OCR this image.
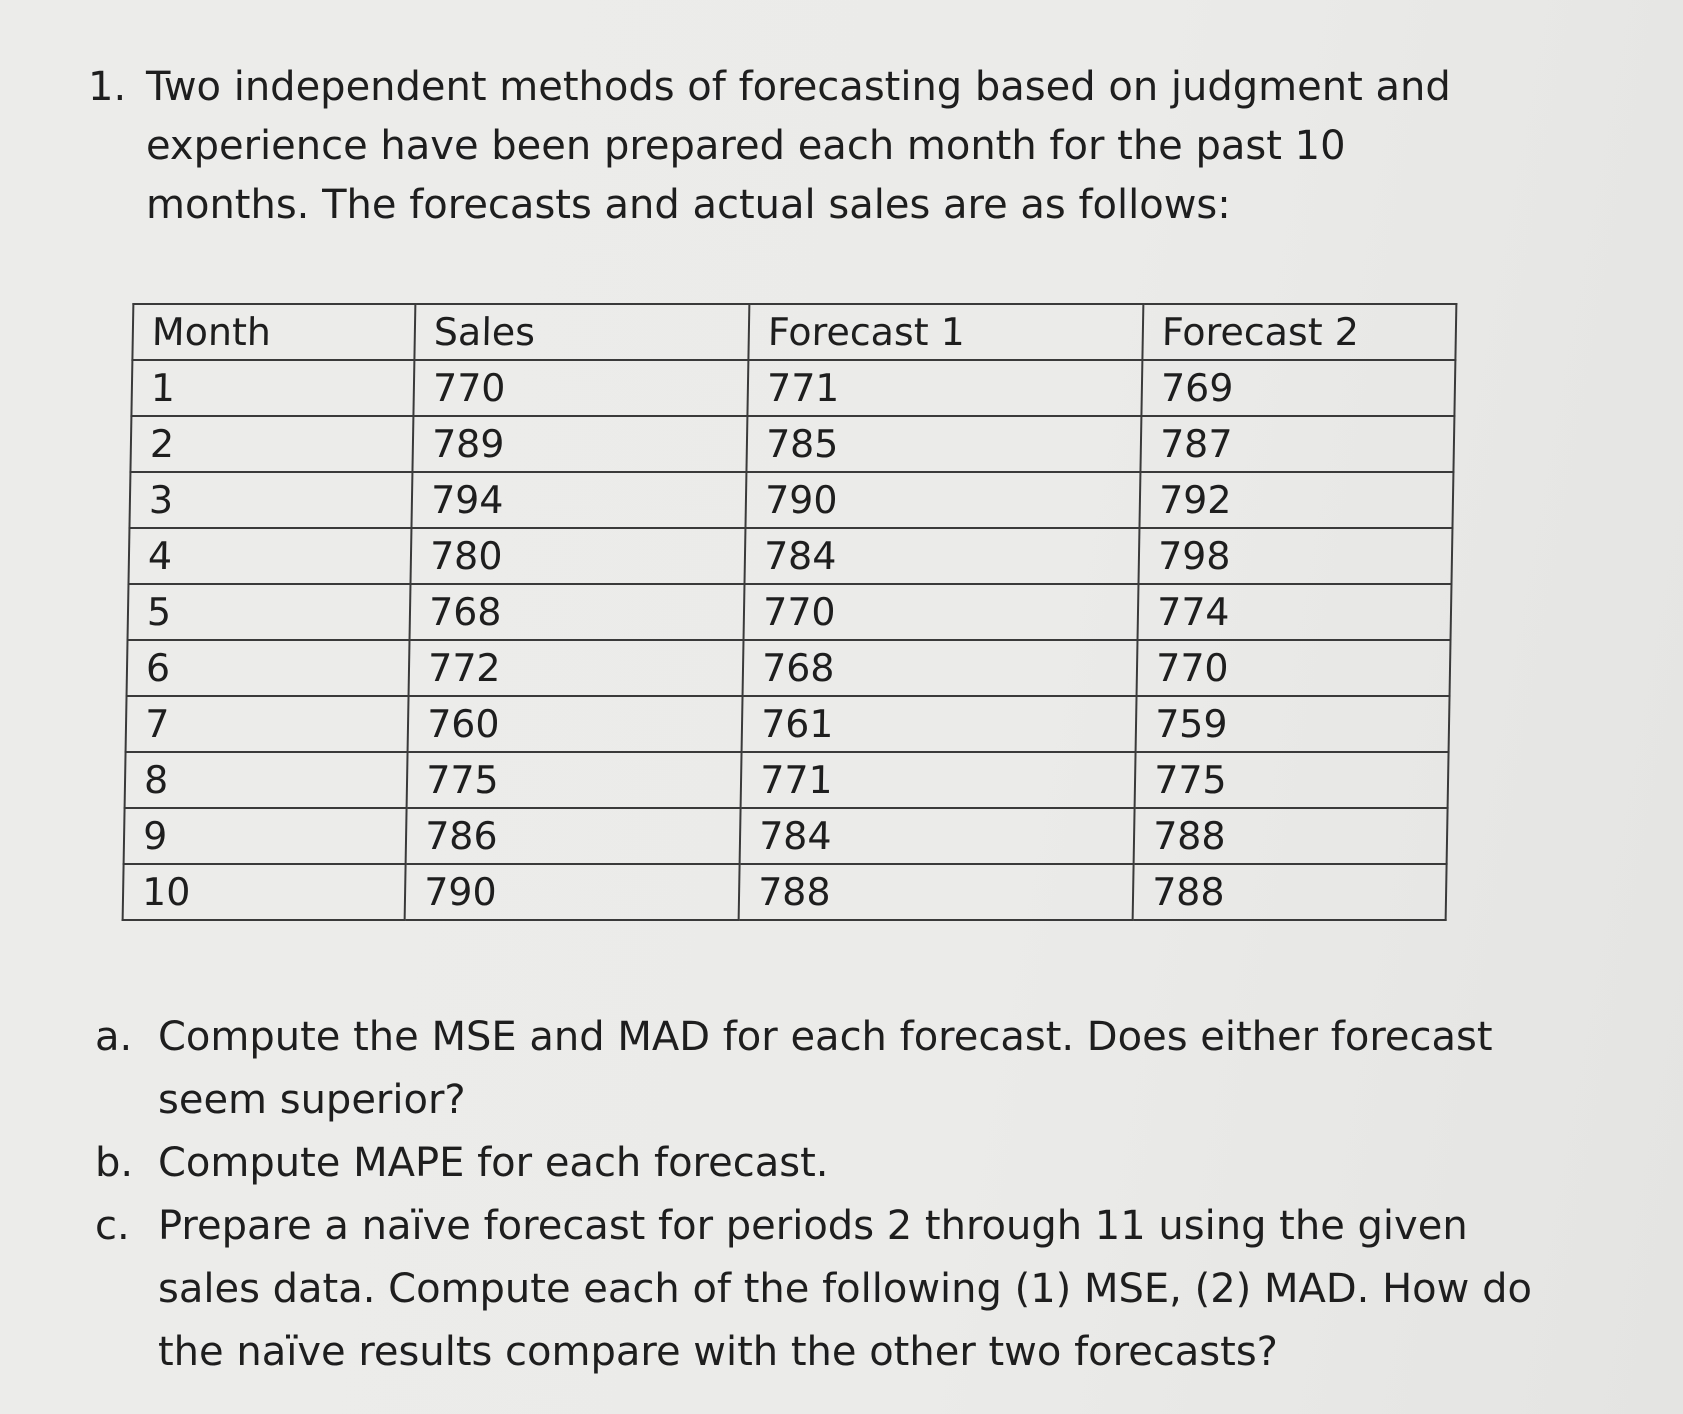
1. Two independent methods of forecasting based on judgment and experience have been prepared each month for the past 10 months. The forecasts and actual sales are as follows:
Month	Sales	Forecast 1	Forecast 2
1	770	771	769
2	789	785	787
3	794	790	792
4	780	784	798
5	768	770	774
6	772	768	770
7	760	761	759
8	775	771	775
9	786	784	788
10	790	788	788
a. Compute the MSE and MAD for each forecast. Does either forecast seem superior?
b. Compute MAPE for each forecast.
c. Prepare a naïve forecast for periods 2 through 11 using the given sales data. Compute each of the following (1) MSE, (2) MAD. How do the naïve results compare with the other two forecasts?
